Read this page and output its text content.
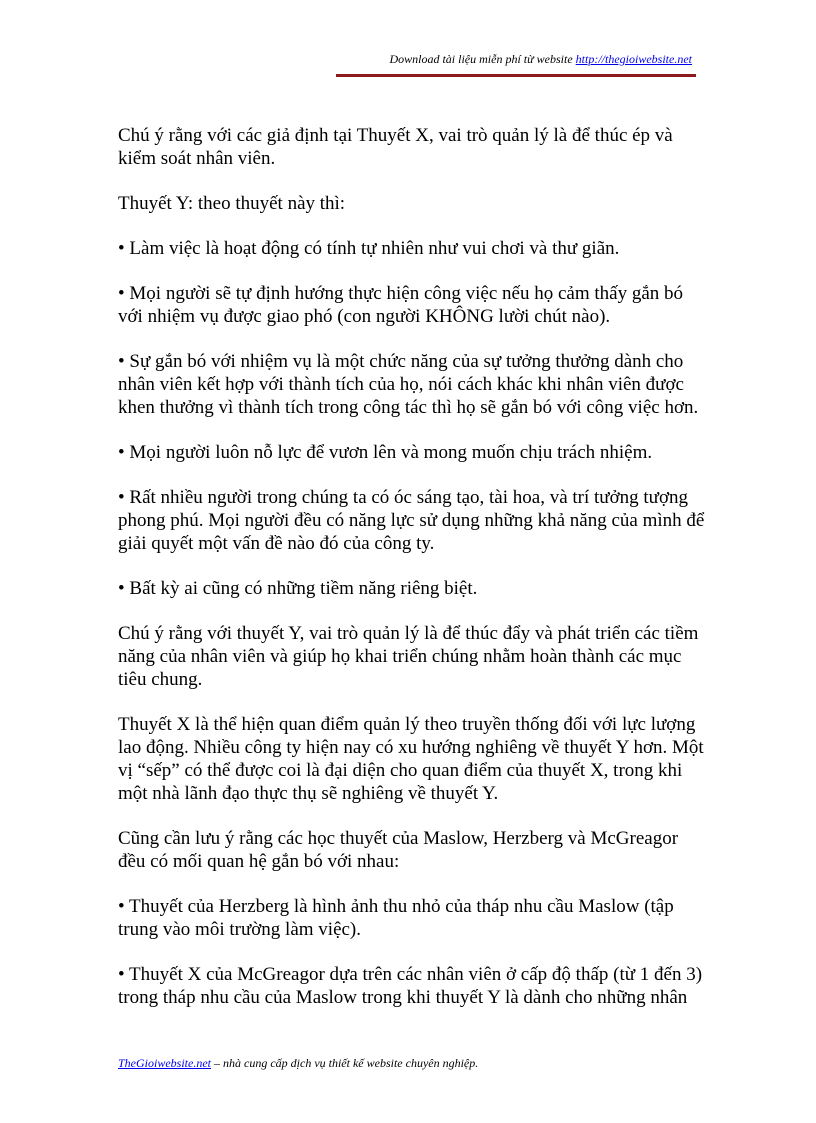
Download tài liệu miễn phí từ website http://thegioiwebsite.net

Chú ý rằng với các giả định tại Thuyết X, vai trò quản lý là để thúc ép và kiểm soát nhân viên.

Thuyết Y: theo thuyết này thì:

• Làm việc là hoạt động có tính tự nhiên như vui chơi và thư giãn.

• Mọi người sẽ tự định hướng thực hiện công việc nếu họ cảm thấy gắn bó với nhiệm vụ được giao phó (con người KHÔNG lười chút nào).

• Sự gắn bó với nhiệm vụ là một chức năng của sự tưởng thưởng dành cho nhân viên kết hợp với thành tích của họ, nói cách khác khi nhân viên được khen thưởng vì thành tích trong công tác thì họ sẽ gắn bó với công việc hơn.

• Mọi người luôn nỗ lực để vươn lên và mong muốn chịu trách nhiệm.

• Rất nhiều người trong chúng ta có óc sáng tạo, tài hoa, và trí tưởng tượng phong phú. Mọi người đều có năng lực sử dụng những khả năng của mình để giải quyết một vấn đề nào đó của công ty.

• Bất kỳ ai cũng có những tiềm năng riêng biệt.

Chú ý rằng với thuyết Y, vai trò quản lý là để thúc đẩy và phát triển các tiềm năng của nhân viên và giúp họ khai triển chúng nhằm hoàn thành các mục tiêu chung.

Thuyết X là thể hiện quan điểm quản lý theo truyền thống đối với lực lượng lao động. Nhiều công ty hiện nay có xu hướng nghiêng về thuyết Y hơn. Một vị “sếp” có thể được coi là đại diện cho quan điểm của thuyết X, trong khi một nhà lãnh đạo thực thụ sẽ nghiêng về thuyết Y.

Cũng cần lưu ý rằng các học thuyết của Maslow, Herzberg và McGreagor đều có mối quan hệ gắn bó với nhau:

• Thuyết của Herzberg là hình ảnh thu nhỏ của tháp nhu cầu Maslow (tập trung vào môi trường làm việc).

• Thuyết X của McGreagor dựa trên các nhân viên ở cấp độ thấp (từ 1 đến 3) trong tháp nhu cầu của Maslow trong khi thuyết Y là dành cho những nhân

TheGioiwebsite.net – nhà cung cấp dịch vụ thiết kế website chuyên nghiệp.
